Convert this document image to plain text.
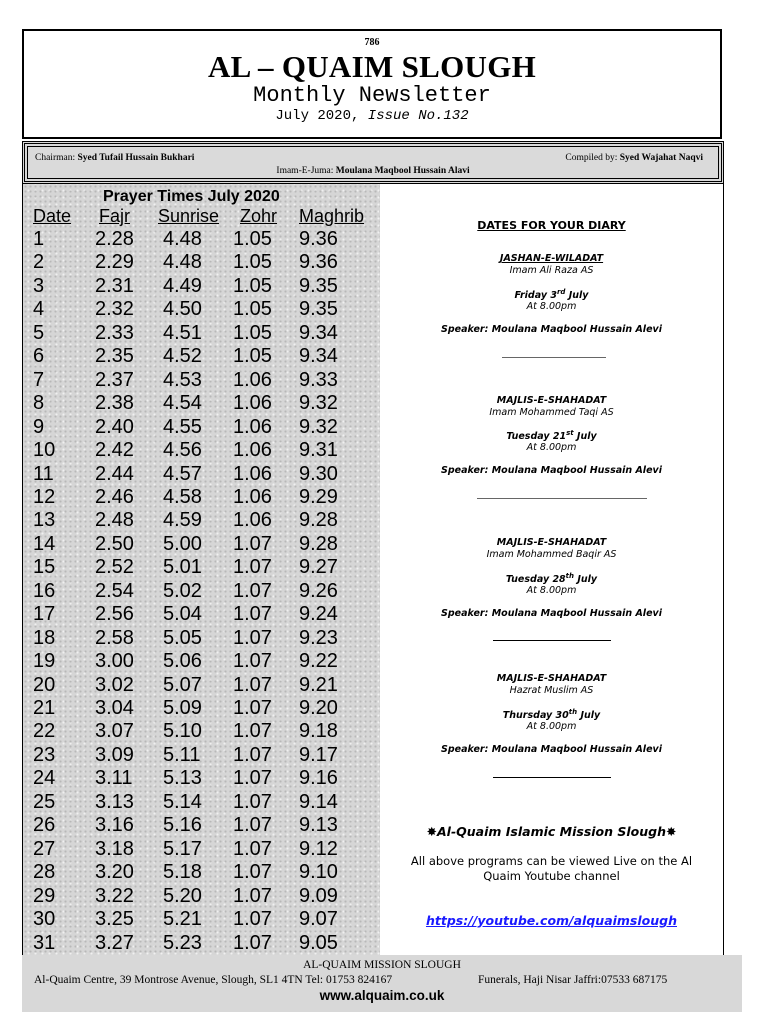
786
AL – QUAIM SLOUGH
Monthly Newsletter
July 2020, Issue No.132
Chairman: Syed Tufail Hussain Bukhari	Compiled by: Syed Wajahat Naqvi
Imam-E-Juma: Moulana Maqbool Hussain Alavi
Prayer Times July 2020
Date Fajr Sunrise Zohr Maghrib
1	2.28 4.48 1.05 9.36
2	2.29 4.48 1.05 9.36
3	2.31 4.49 1.05 9.35
4	2.32 4.50 1.05 9.35
5	2.33 4.51 1.05 9.34
6	2.35 4.52 1.05 9.34
7	2.37 4.53 1.06 9.33
8	2.38 4.54 1.06 9.32
9	2.40 4.55 1.06 9.32
10 2.42 4.56 1.06 9.31
11 2.44 4.57 1.06 9.30
12 2.46 4.58 1.06 9.29
13 2.48 4.59 1.06 9.28
14 2.50 5.00 1.07 9.28
15 2.52 5.01 1.07 9.27
16 2.54 5.02 1.07 9.26
17 2.56 5.04 1.07 9.24
18 2.58 5.05 1.07 9.23
19 3.00 5.06 1.07 9.22
20 3.02 5.07 1.07 9.21
21 3.04 5.09 1.07 9.20
22 3.07 5.10 1.07 9.18
23 3.09 5.11 1.07 9.17
24 3.11 5.13 1.07 9.16
25 3.13 5.14 1.07 9.14
26 3.16 5.16 1.07 9.13
27 3.18 5.17 1.07 9.12
28 3.20 5.18 1.07 9.10
29 3.22 5.20 1.07 9.09
30 3.25 5.21 1.07 9.07
31 3.27 5.23 1.07 9.05
DATES FOR YOUR DIARY
JASHAN-E-WILADAT
Imam Ali Raza AS
Friday 3rd July
At 8.00pm
Speaker: Moulana Maqbool Hussain Alevi
MAJLIS-E-SHAHADAT
Imam Mohammed Taqi AS
Tuesday 21st July
At 8.00pm
Speaker: Moulana Maqbool Hussain Alevi
MAJLIS-E-SHAHADAT
Imam Mohammed Baqir AS
Tuesday 28th July
At 8.00pm
Speaker: Moulana Maqbool Hussain Alevi
MAJLIS-E-SHAHADAT
Hazrat Muslim AS
Thursday 30th July
At 8.00pm
Speaker: Moulana Maqbool Hussain Alevi
✸Al-Quaim Islamic Mission Slough✸
All above programs can be viewed Live on the Al Quaim Youtube channel
https://youtube.com/alquaimslough
AL-QUAIM MISSION SLOUGH
Al-Quaim Centre, 39 Montrose Avenue, Slough, SL1 4TN Tel: 01753 824167	Funerals, Haji Nisar Jaffri:07533 687175
www.alquaim.co.uk
